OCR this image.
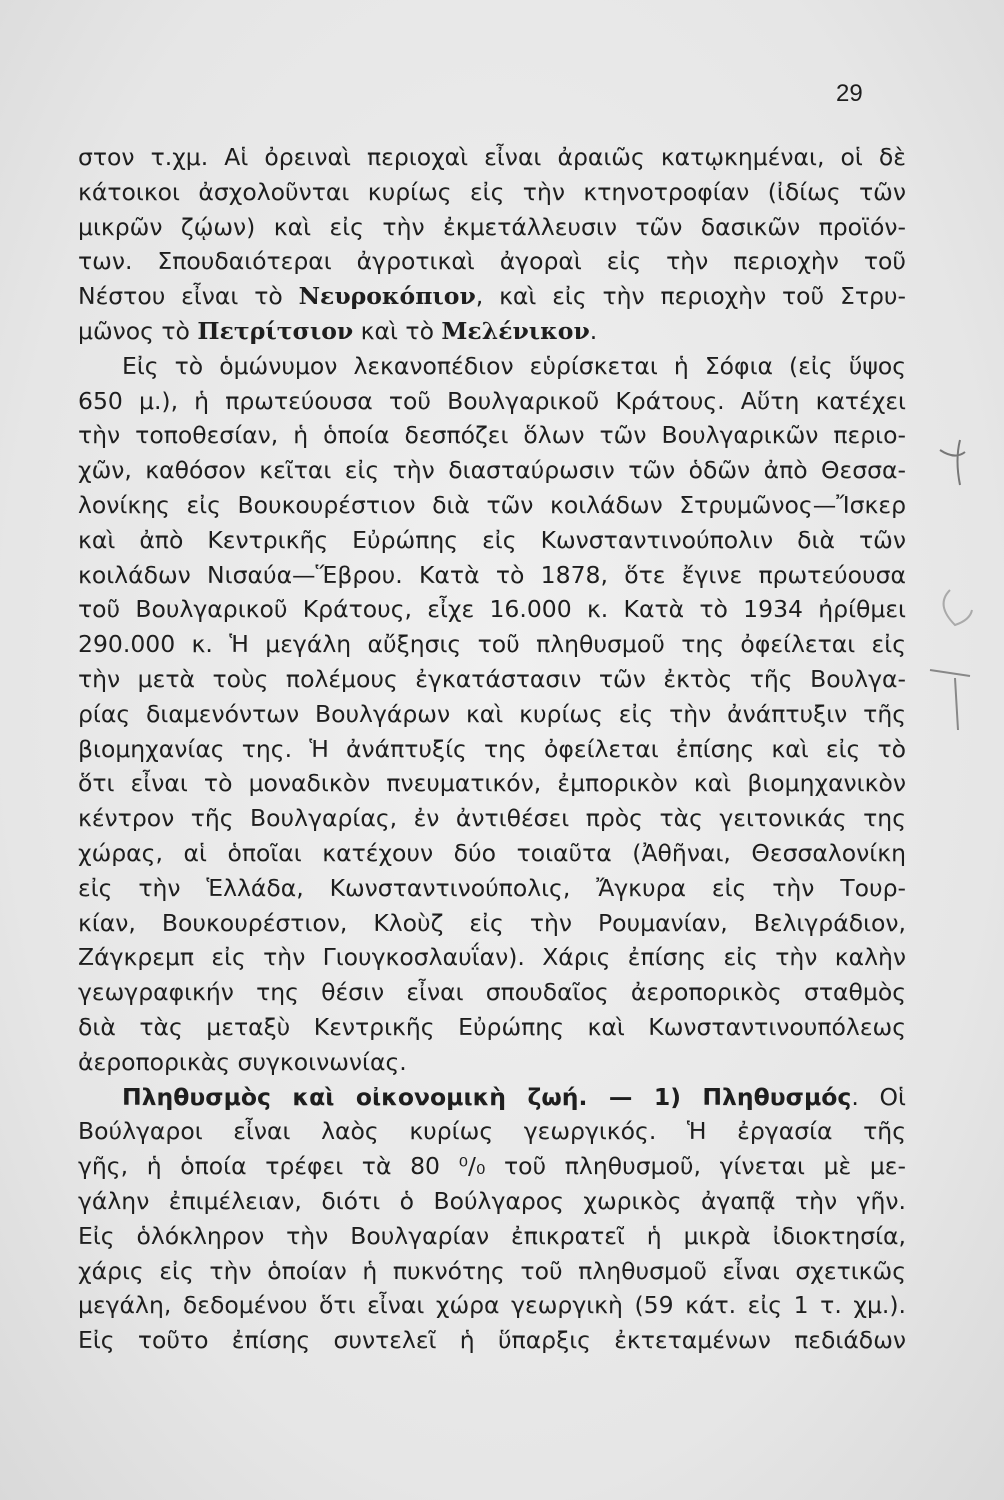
29
στον τ.χμ. Αἱ ὀρειναὶ περιοχαὶ εἶναι ἀραιῶς κατῳκημέναι, οἱ δὲ
κάτοικοι ἀσχολοῦνται κυρίως εἰς τὴν κτηνοτροφίαν (ἰδίως τῶν
μικρῶν ζῴων) καὶ εἰς τὴν ἐκμετάλλευσιν τῶν δασικῶν προϊόν-
των. Σπουδαιότεραι ἀγροτικαὶ ἀγοραὶ εἰς τὴν περιοχὴν τοῦ
Νέστου εἶναι τὸ Νευροκόπιον, καὶ εἰς τὴν περιοχὴν τοῦ Στρυ-
μῶνος τὸ Πετρίτσιον καὶ τὸ Μελένικον.
Εἰς τὸ ὁμώνυμον λεκανοπέδιον εὑρίσκεται ἡ Σόφια (εἰς ὕψος
650 μ.), ἡ πρωτεύουσα τοῦ Βουλγαρικοῦ Κράτους. Αὕτη κατέχει
τὴν τοποθεσίαν, ἡ ὁποία δεσπόζει ὅλων τῶν Βουλγαρικῶν περιο-
χῶν, καθόσον κεῖται εἰς τὴν διασταύρωσιν τῶν ὁδῶν ἀπὸ Θεσσα-
λονίκης εἰς Βουκουρέστιον διὰ τῶν κοιλάδων Στρυμῶνος—Ἴσκερ
καὶ ἀπὸ Κεντρικῆς Εὐρώπης εἰς Κωνσταντινούπολιν διὰ τῶν
κοιλάδων Νισαύα—Ἕβρου. Κατὰ τὸ 1878, ὅτε ἔγινε πρωτεύουσα
τοῦ Βουλγαρικοῦ Κράτους, εἶχε 16.000 κ. Κατὰ τὸ 1934 ἠρίθμει
290.000 κ. Ἡ μεγάλη αὔξησις τοῦ πληθυσμοῦ της ὀφείλεται εἰς
τὴν μετὰ τοὺς πολέμους ἐγκατάστασιν τῶν ἐκτὸς τῆς Βουλγα-
ρίας διαμενόντων Βουλγάρων καὶ κυρίως εἰς τὴν ἀνάπτυξιν τῆς
βιομηχανίας της. Ἡ ἀνάπτυξίς της ὀφείλεται ἐπίσης καὶ εἰς τὸ
ὅτι εἶναι τὸ μοναδικὸν πνευματικόν, ἐμπορικὸν καὶ βιομηχανικὸν
κέντρον τῆς Βουλγαρίας, ἐν ἀντιθέσει πρὸς τὰς γειτονικάς της
χώρας, αἱ ὁποῖαι κατέχουν δύο τοιαῦτα (Ἀθῆναι, Θεσσαλονίκη
εἰς τὴν Ἑλλάδα, Κωνσταντινούπολις, Ἄγκυρα εἰς τὴν Τουρ-
κίαν, Βουκουρέστιον, Κλοὺζ εἰς τὴν Ρουμανίαν, Βελιγράδιον,
Ζάγκρεμπ εἰς τὴν Γιουγκοσλαυΐαν). Χάρις ἐπίσης εἰς τὴν καλὴν
γεωγραφικήν της θέσιν εἶναι σπουδαῖος ἀεροπορικὸς σταθμὸς
διὰ τὰς μεταξὺ Κεντρικῆς Εὐρώπης καὶ Κωνσταντινουπόλεως
ἀεροπορικὰς συγκοινωνίας.
Πληθυσμὸς καὶ οἰκονομικὴ ζωή. — 1) Πληθυσμός. Οἱ
Βούλγαροι εἶναι λαὸς κυρίως γεωργικός. Ἡ ἐργασία τῆς
γῆς, ἡ ὁποία τρέφει τὰ 80 ⁰/₀ τοῦ πληθυσμοῦ, γίνεται μὲ με-
γάλην ἐπιμέλειαν, διότι ὁ Βούλγαρος χωρικὸς ἀγαπᾷ τὴν γῆν.
Εἰς ὁλόκληρον τὴν Βουλγαρίαν ἐπικρατεῖ ἡ μικρὰ ἰδιοκτησία,
χάρις εἰς τὴν ὁποίαν ἡ πυκνότης τοῦ πληθυσμοῦ εἶναι σχετικῶς
μεγάλη, δεδομένου ὅτι εἶναι χώρα γεωργικὴ (59 κάτ. εἰς 1 τ. χμ.).
Εἰς τοῦτο ἐπίσης συντελεῖ ἡ ὕπαρξις ἐκτεταμένων πεδιάδων
